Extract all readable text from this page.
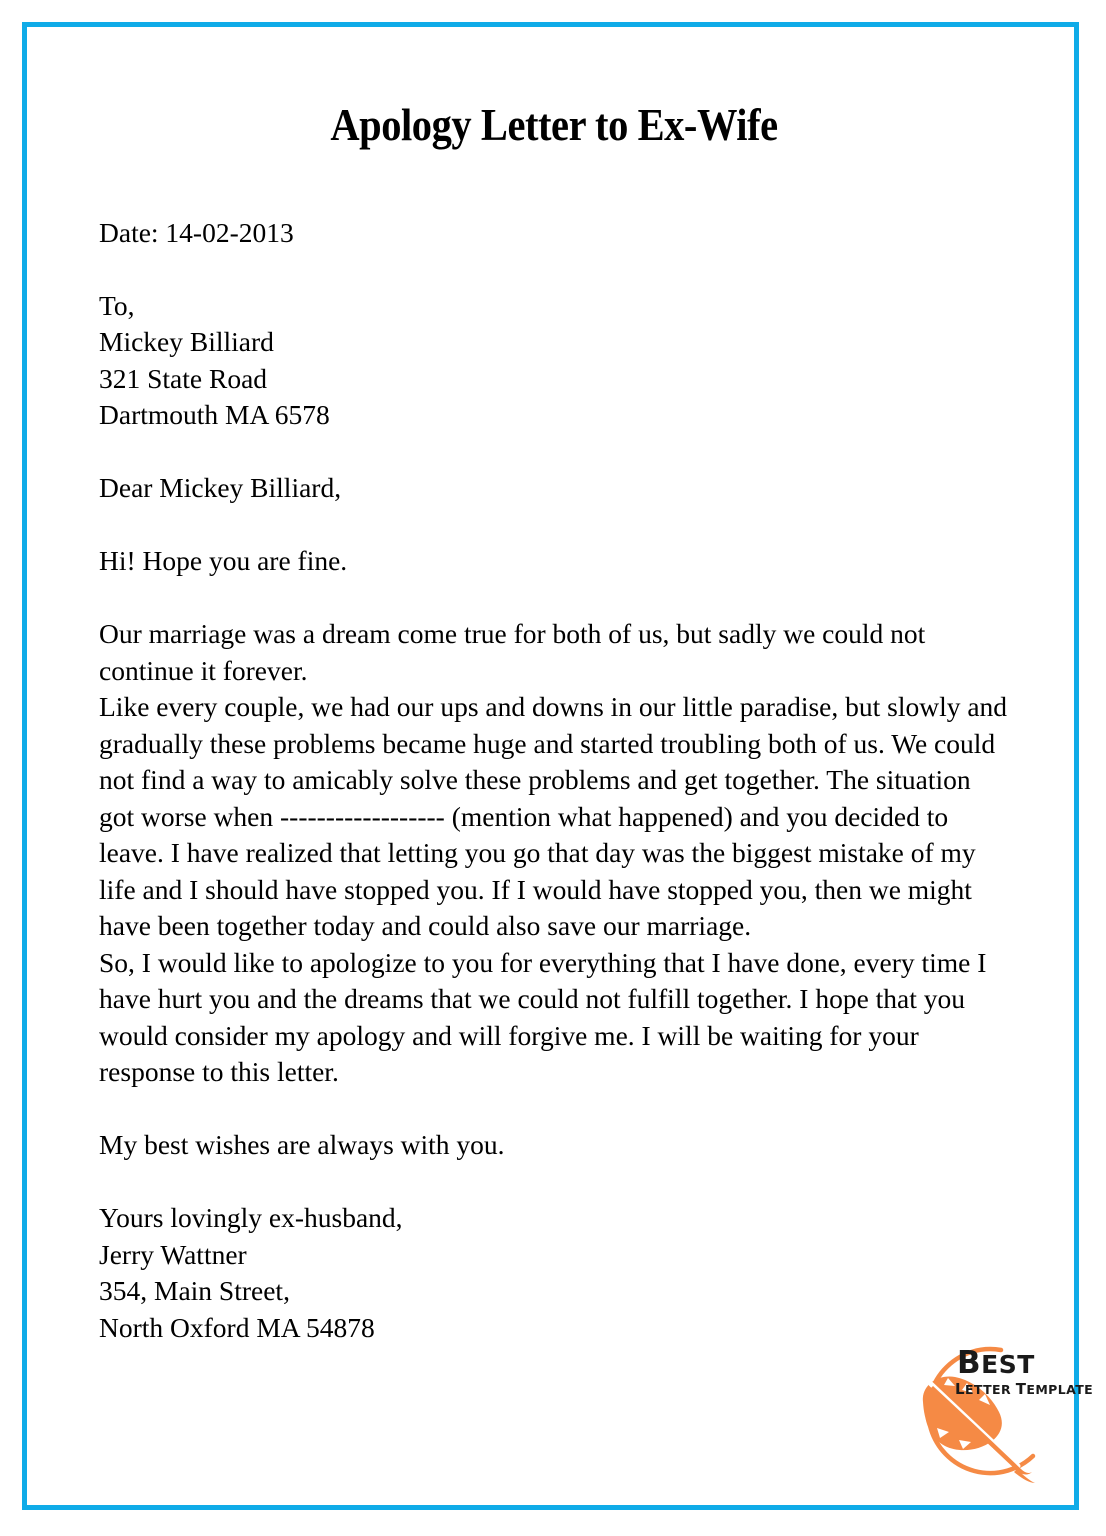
Apology Letter to Ex-Wife
Date: 14-02-2013
To,
Mickey Billiard
321 State Road
Dartmouth MA 6578
Dear Mickey Billiard,
Hi! Hope you are fine.

Our marriage was a dream come true for both of us, but sadly we could not continue it forever.

Like every couple, we had our ups and downs in our little paradise, but slowly and gradually these problems became huge and started troubling both of us. We could not find a way to amicably solve these problems and get together. The situation got worse when ------------------ (mention what happened) and you decided to leave. I have realized that letting you go that day was the biggest mistake of my life and I should have stopped you. If I would have stopped you, then we might have been together today and could also save our marriage.

So, I would like to apologize to you for everything that I have done, every time I have hurt you and the dreams that we could not fulfill together. I hope that you would consider my apology and will forgive me. I will be waiting for your response to this letter.

My best wishes are always with you.
Yours lovingly ex-husband,
Jerry Wattner
354, Main Street,
North Oxford MA 54878
BEST
LETTER TEMPLATE
